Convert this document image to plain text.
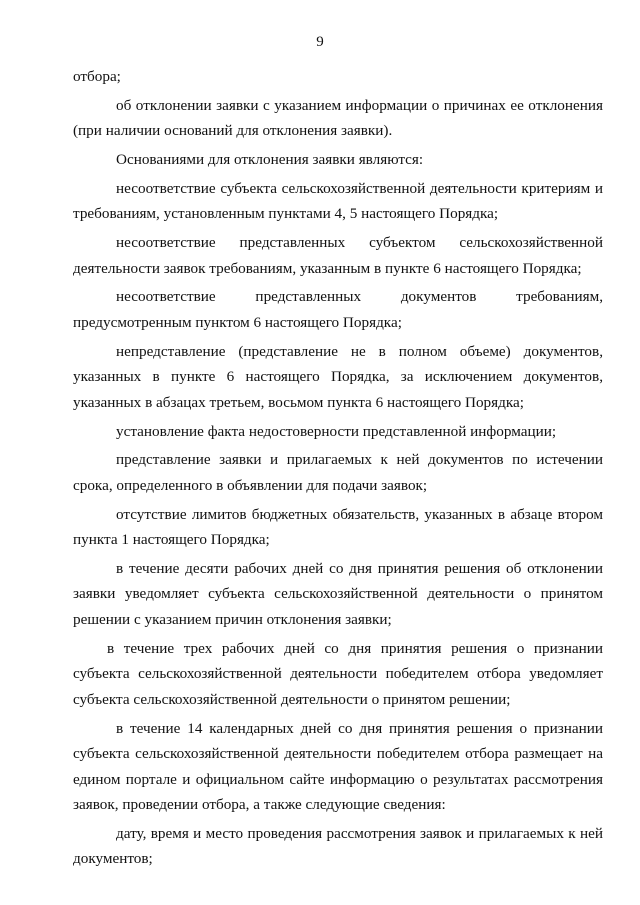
9

отбора;

об отклонении заявки с указанием информации о причинах ее отклонения (при наличии оснований для отклонения заявки).

Основаниями для отклонения заявки являются:

несоответствие субъекта сельскохозяйственной деятельности критериям и требованиям, установленным пунктами 4, 5 настоящего Порядка;

несоответствие представленных субъектом сельскохозяйственной деятельности заявок требованиям, указанным в пункте 6 настоящего Порядка;

несоответствие представленных документов требованиям, предусмотренным пунктом 6 настоящего Порядка;

непредставление (представление не в полном объеме) документов, указанных в пункте 6 настоящего Порядка, за исключением документов, указанных в абзацах третьем, восьмом пункта 6 настоящего Порядка;

установление факта недостоверности представленной информации;

представление заявки и прилагаемых к ней документов по истечении срока, определенного в объявлении для подачи заявок;

отсутствие лимитов бюджетных обязательств, указанных в абзаце втором пункта 1 настоящего Порядка;

в течение десяти рабочих дней со дня принятия решения об отклонении заявки уведомляет субъекта сельскохозяйственной деятельности о принятом решении с указанием причин отклонения заявки;

в течение трех рабочих дней со дня принятия решения о признании субъекта сельскохозяйственной деятельности победителем отбора уведомляет субъекта сельскохозяйственной деятельности о принятом решении;

в течение 14 календарных дней со дня принятия решения о признании субъекта сельскохозяйственной деятельности победителем отбора размещает на едином портале и официальном сайте информацию о результатах рассмотрения заявок, проведении отбора, а также следующие сведения:

дату, время и место проведения рассмотрения заявок и прилагаемых к ней документов;
